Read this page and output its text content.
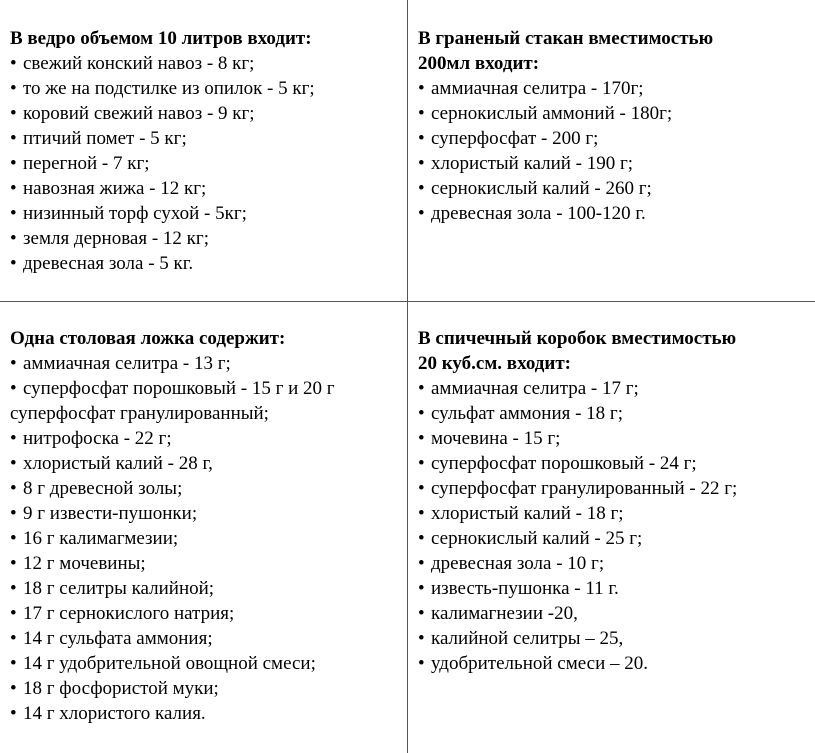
В ведро объемом 10 литров входит:

• свежий конский навоз - 8 кг;
• то же на подстилке из опилок - 5 кг;
• коровий свежий навоз - 9 кг;
• птичий помет - 5 кг;
• перегной - 7 кг;
• навозная жижа - 12 кг;
• низинный торф сухой - 5кг;
• земля дерновая - 12 кг;
• древесная зола - 5 кг.

В граненый стакан вместимостью
200мл входит:

• аммиачная селитра - 170г;
• сернокислый аммоний - 180г;
• суперфосфат - 200 г;
• хлористый калий - 190 г;
• сернокислый калий - 260 г;
• древесная зола - 100-120 г.

Одна столовая ложка содержит:

• аммиачная селитра - 13 г;
• суперфосфат порошковый - 15 г и 20 г
суперфосфат гранулированный;
• нитрофоска - 22 г;
• хлористый калий - 28 г,
• 8 г древесной золы;
• 9 г извести-пушонки;
• 16 г калимагмезии;
• 12 г мочевины;
• 18 г селитры калийной;
• 17 г сернокислого натрия;
• 14 г сульфата аммония;
• 14 г удобрительной овощной смеси;
• 18 г фосфористой муки;
• 14 г хлористого калия.

В спичечный коробок вместимостью
20 куб.см. входит:

• аммиачная селитра - 17 г;
• сульфат аммония - 18 г;
• мочевина - 15 г;
• суперфосфат порошковый - 24 г;
• суперфосфат гранулированный - 22 г;
• хлористый калий - 18 г;
• сернокислый калий - 25 г;
• древесная зола - 10 г;
• известь-пушонка - 11 г.
• калимагнезии -20,
• калийной селитры – 25,
• удобрительной смеси – 20.
